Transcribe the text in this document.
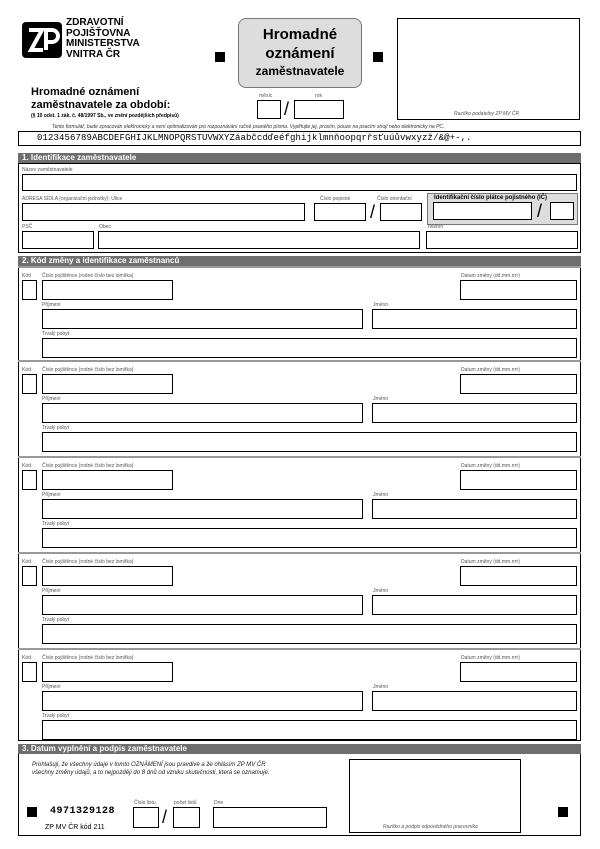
ZDRAVOTNÍ
POJIŠŤOVNA
MINISTERSTVA
VNITRA ČR
Hromadné
oznámení
zaměstnavatele
Razítko podatelny ZP MV ČR
Hromadné oznámení
zaměstnavatele za období:
(§ 10 odst. 1 zák. č. 48/1997 Sb., ve znění pozdějších předpisů)
měsíc
/
rok
Tento formulář, bude zpracován elektronicky a není optimalizován pro rozpoznávání ručně psaného písma. Vyplňujte jej, prosím, pouze na psacím stroji nebo elektronicky na PC.
0123456789ABCDEFGHIJKLMNOPQRSTUVWXYZáabčcdďeéfghijklmnňoopqrřsťuúůvwxyzž/&@+-,.
1. Identifikace zaměstnavatele
Název zaměstnavatele
ADRESA SÍDLA (organizační jednotky): Ulice	Číslo popisné
/
Číslo orientační	Identifikační číslo plátce pojistného (IČ)
/
PSČ	Obec	Telefon
2. Kód změny a identifikace zaměstnanců
Kód Číslo pojištěnce (rodné číslo bez lomítka)	Datum změny (dd.mm.rrrr)
Příjmení	Jméno
Trvalý pobyt
Kód Číslo pojištěnce (rodné číslo bez lomítka)	Datum změny (dd.mm.rrrr)
Příjmení	Jméno
Trvalý pobyt
Kód Číslo pojištěnce (rodné číslo bez lomítka)	Datum změny (dd.mm.rrrr)
Příjmení	Jméno
Trvalý pobyt
Kód Číslo pojištěnce (rodné číslo bez lomítka)	Datum změny (dd.mm.rrrr)
Příjmení	Jméno
Trvalý pobyt
Kód Číslo pojištěnce (rodné číslo bez lomítka)	Datum změny (dd.mm.rrrr)
Příjmení	Jméno
Trvalý pobyt
3. Datum vyplnění a podpis zaměstnavatele
Prohlašuji, že všechny údaje v tomto OZNÁMENÍ jsou pravdivé a že ohlásím ZP MV ČR
všechny změny údajů, a to nejpozději do 8 dnů od vzniku skutečnosti, která se oznamuje.
4971329128
ZP MV ČR kód 211
Číslo listu
/
počet listů	Dne
Razítko a podpis odpovědného pracovníka
